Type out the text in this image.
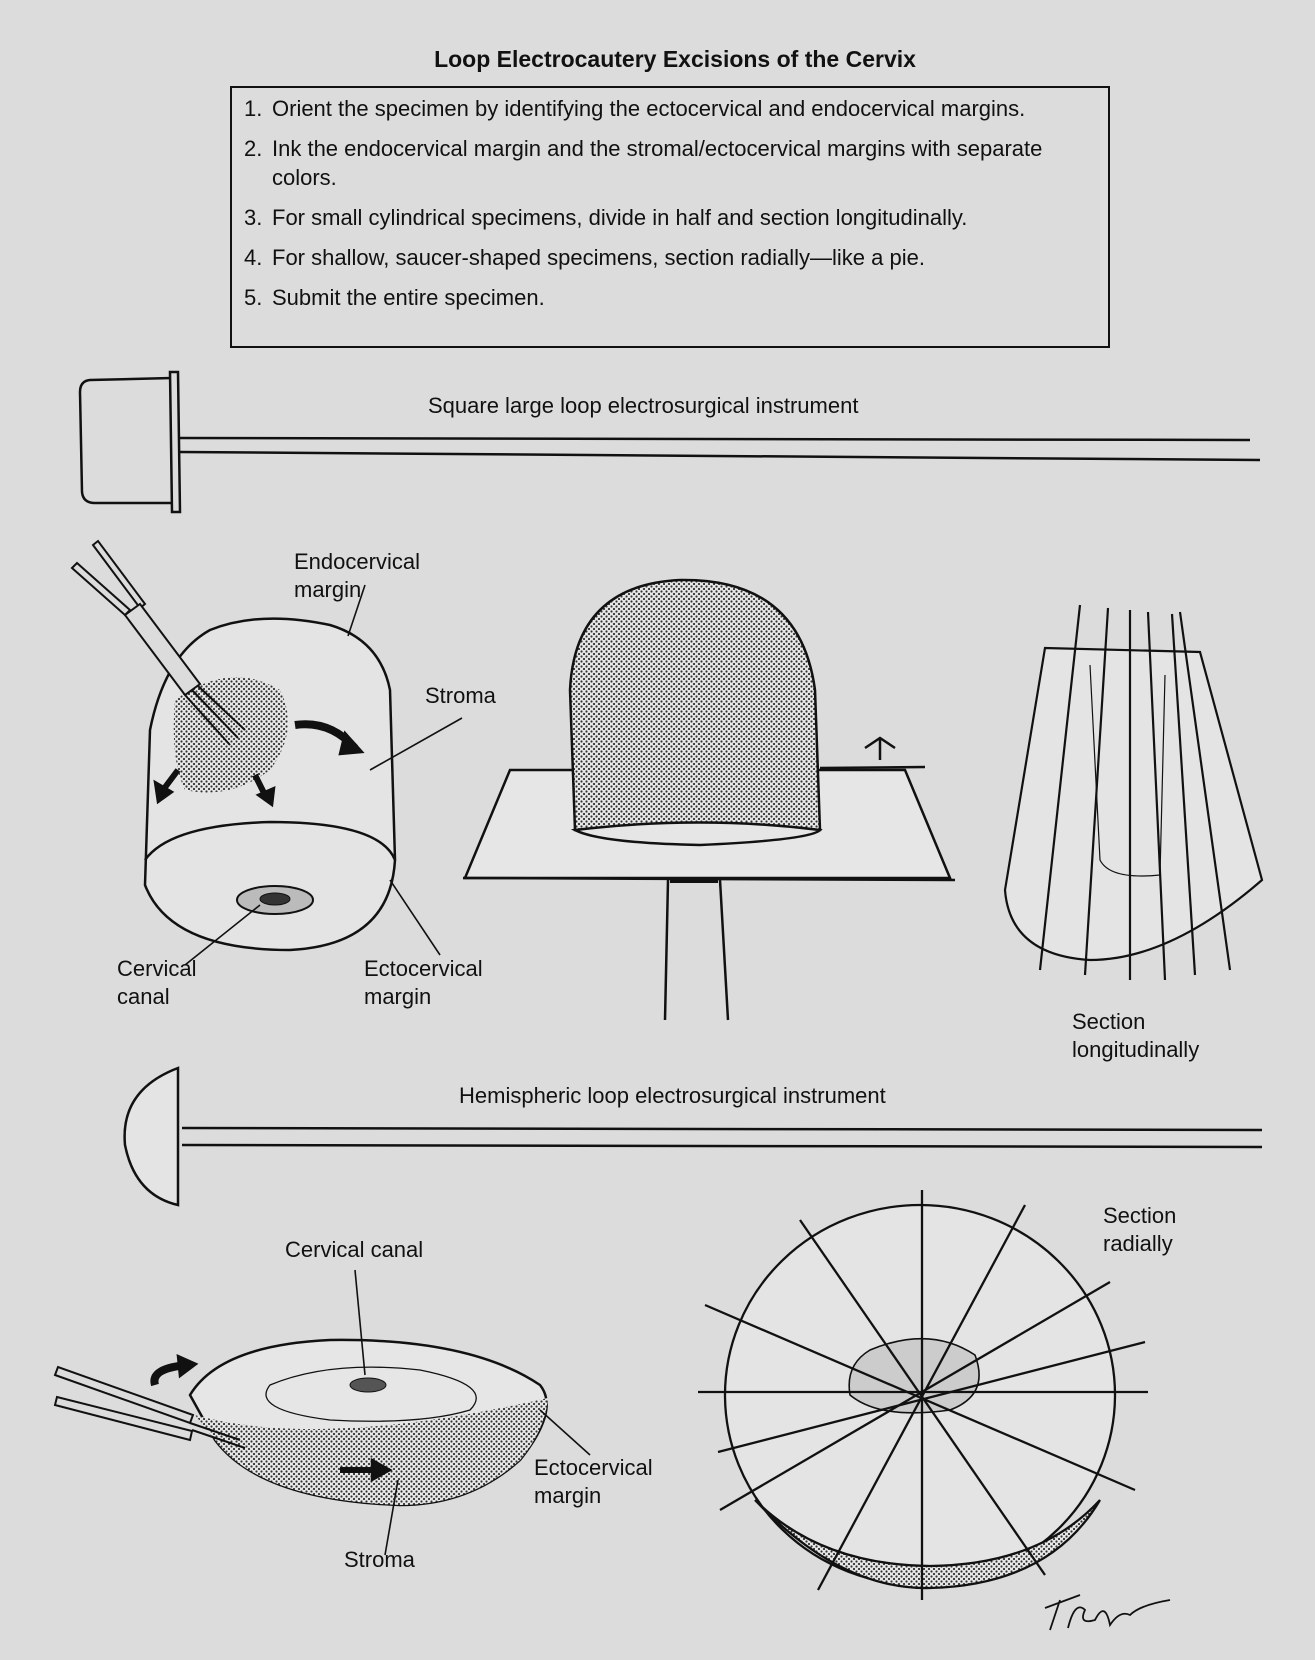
Loop Electrocautery Excisions of the Cervix
1. Orient the specimen by identifying the ectocervical and endocervical margins.
2. Ink the endocervical margin and the stromal/ectocervical margins with separate colors.
3. For small cylindrical specimens, divide in half and section longitudinally.
4. For shallow, saucer-shaped specimens, section radially—like a pie.
5. Submit the entire specimen.
Square large loop electrosurgical instrument
Endocervical
margin
Stroma
Cervical
canal
Ectocervical
margin
Section
longitudinally
Hemispheric loop electrosurgical instrument
Cervical canal
Ectocervical
margin
Stroma
Section
radially
